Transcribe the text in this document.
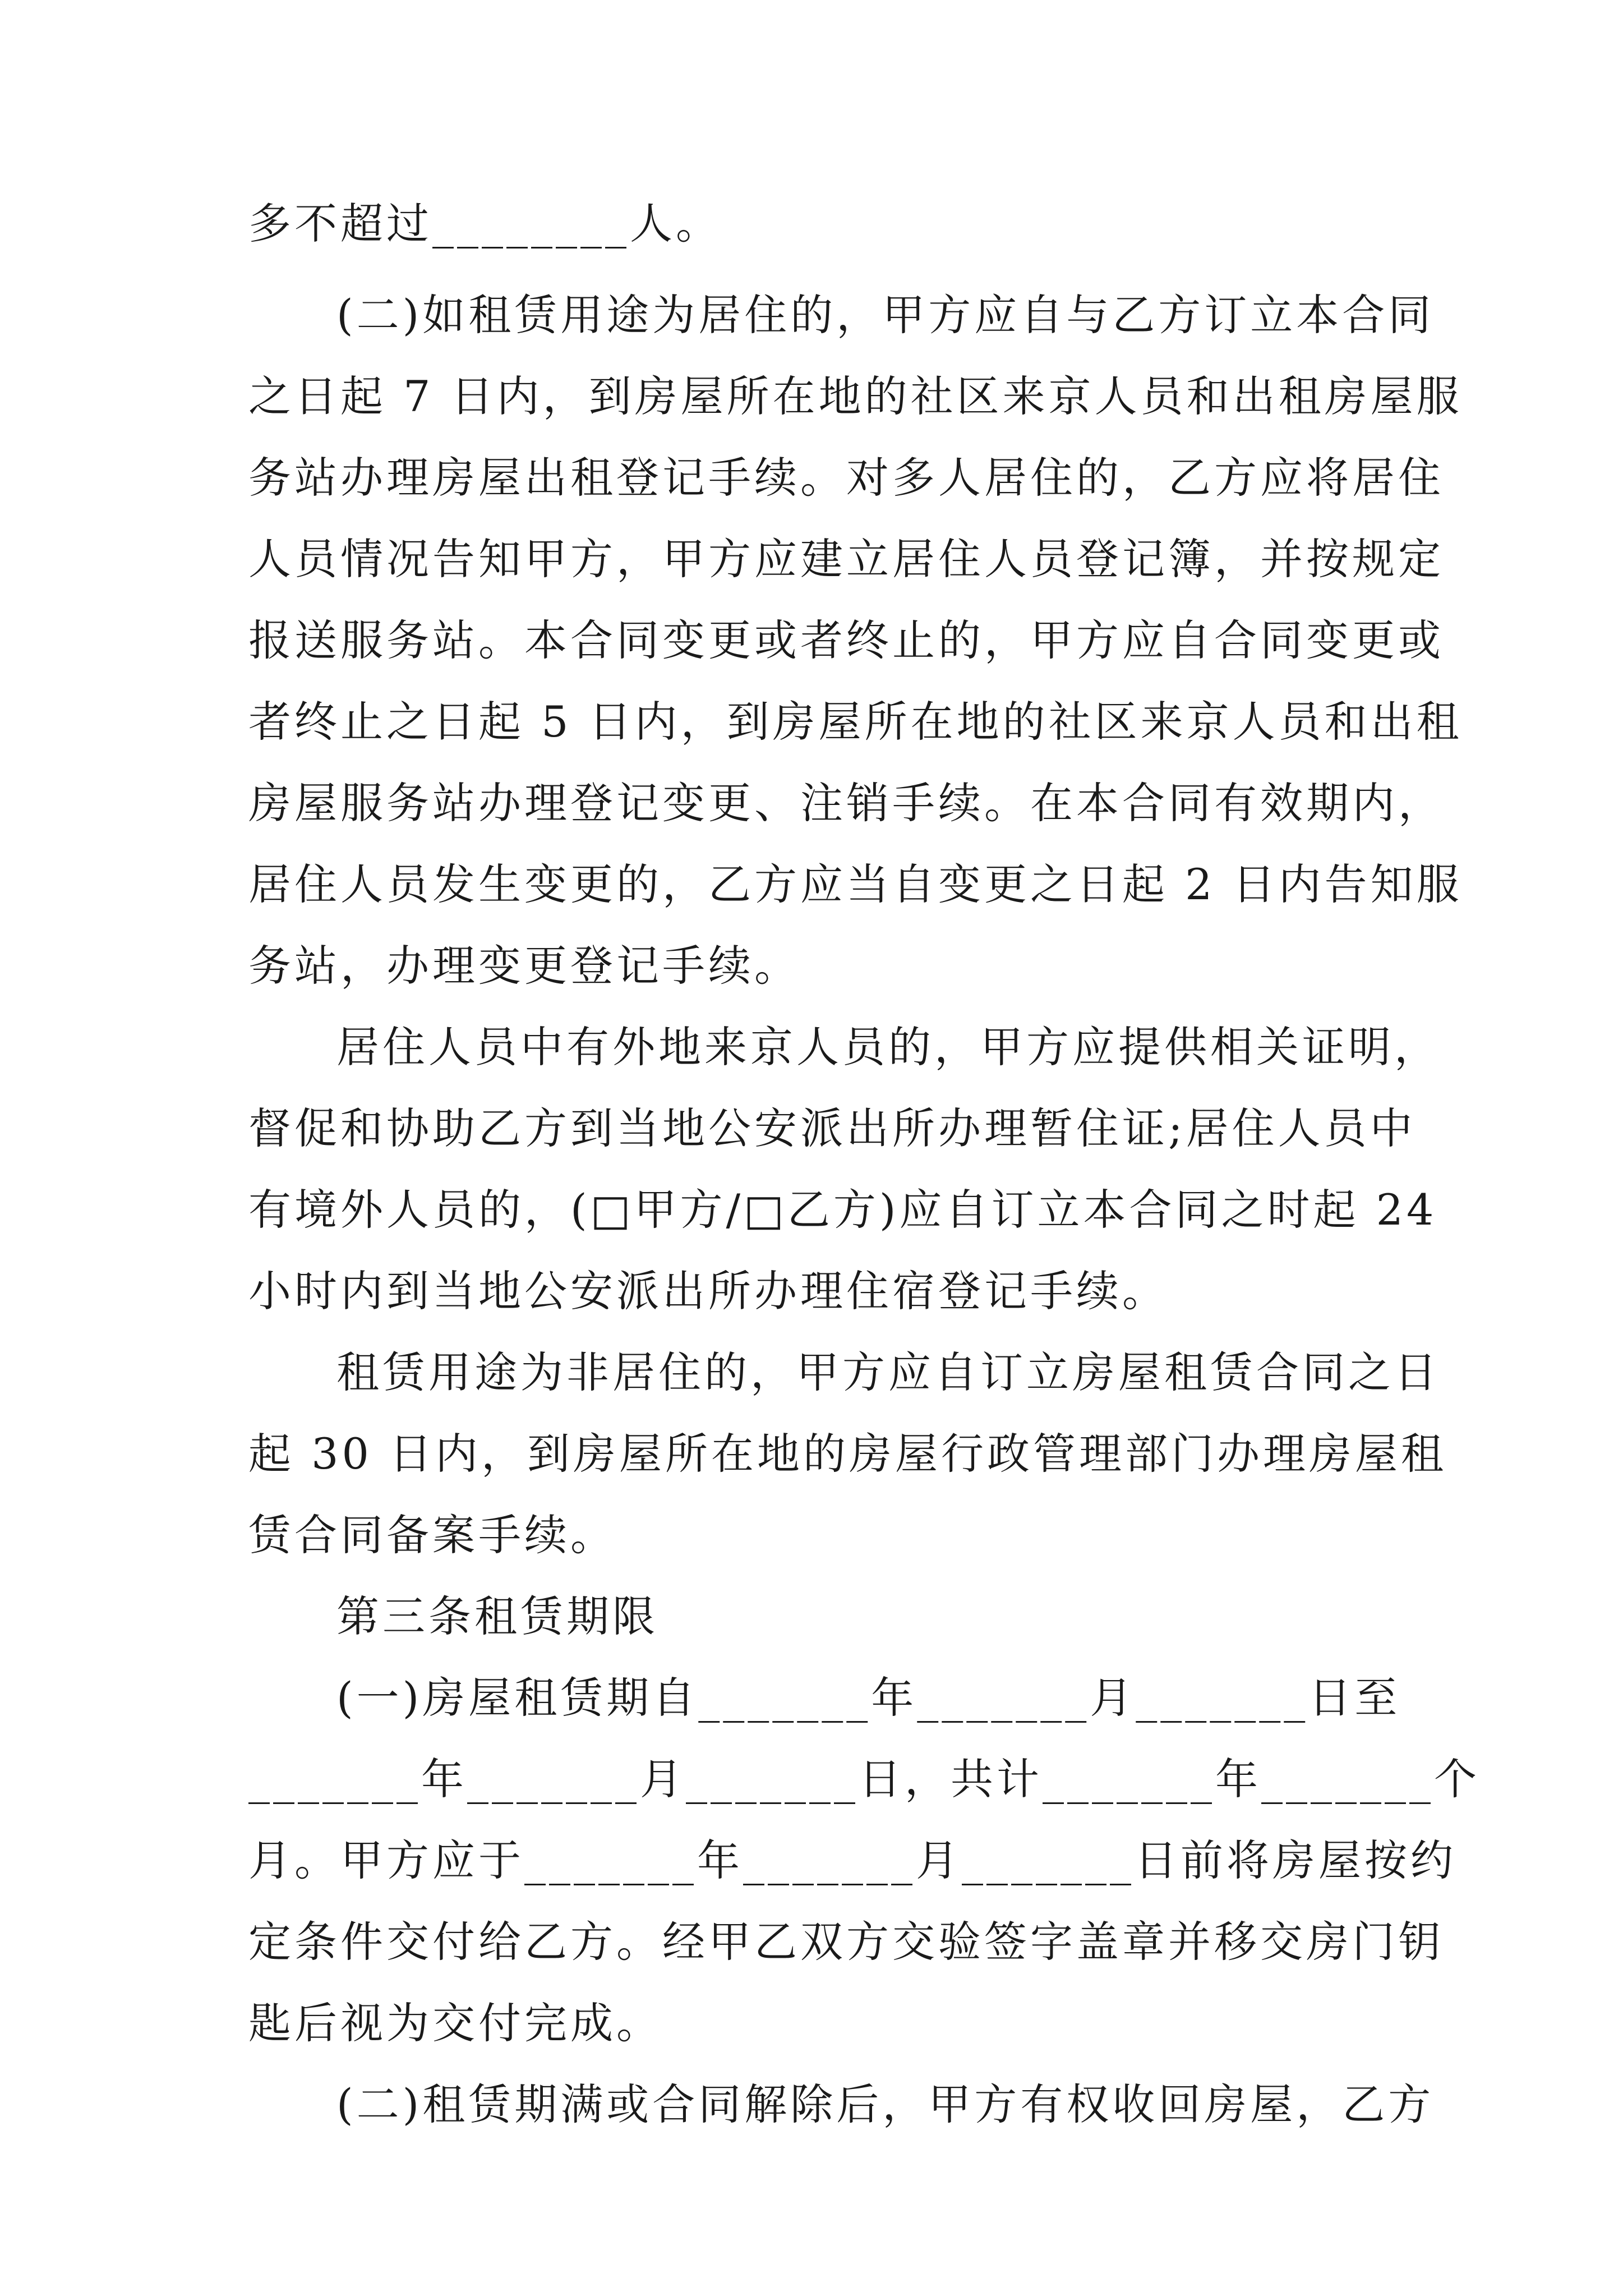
多不超过________人。
(二)如租赁用途为居住的，甲方应自与乙方订立本合同
之日起 7 日内，到房屋所在地的社区来京人员和出租房屋服
务站办理房屋出租登记手续。对多人居住的，乙方应将居住
人员情况告知甲方，甲方应建立居住人员登记簿，并按规定
报送服务站。本合同变更或者终止的，甲方应自合同变更或
者终止之日起 5 日内，到房屋所在地的社区来京人员和出租
房屋服务站办理登记变更、注销手续。在本合同有效期内，
居住人员发生变更的，乙方应当自变更之日起 2 日内告知服
务站，办理变更登记手续。
居住人员中有外地来京人员的，甲方应提供相关证明，
督促和协助乙方到当地公安派出所办理暂住证;居住人员中
有境外人员的，(□甲方/□乙方)应自订立本合同之时起 24
小时内到当地公安派出所办理住宿登记手续。
租赁用途为非居住的，甲方应自订立房屋租赁合同之日
起 30 日内，到房屋所在地的房屋行政管理部门办理房屋租
赁合同备案手续。
第三条租赁期限
(一)房屋租赁期自_______年_______月_______日至
_______年_______月_______日，共计_______年_______个
月。甲方应于_______年_______月_______日前将房屋按约
定条件交付给乙方。经甲乙双方交验签字盖章并移交房门钥
匙后视为交付完成。
(二)租赁期满或合同解除后，甲方有权收回房屋，乙方
